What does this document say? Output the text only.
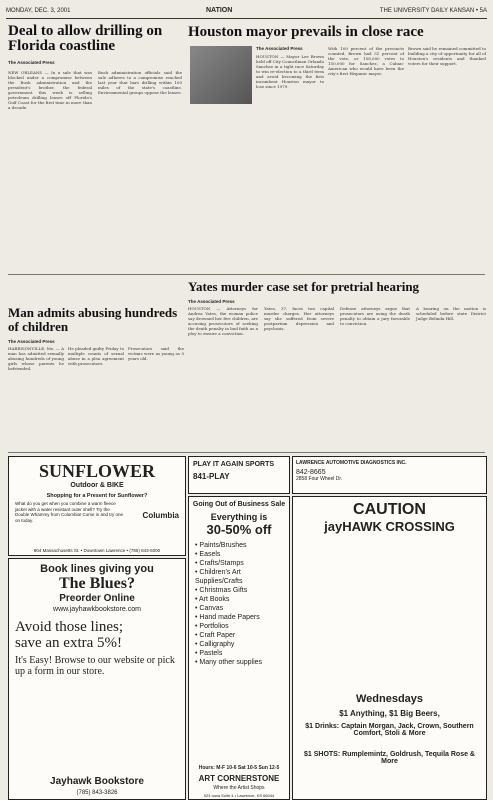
MONDAY, DEC. 3, 2001	NATION	THE UNIVERSITY DAILY KANSAN • 5A
Deal to allow drilling on Florida coastline
The Associated Press
NEW ORLEANS — In a sale that was blocked under a compromise between the Bush administration and the president's brother, the federal government this week is selling petroleum drilling leases off Florida's Gulf Coast for the first time in more than a decade.
Bush administration officials said the sale adheres to a compromise reached last year that bars drilling within 100 miles of the state's coastline. Environmental groups oppose the leases.
Houston mayor prevails in close race
The Associated Press
HOUSTON — Mayor Lee Brown held off City Councilman Orlando Sanchez in a tight race Saturday to win re-election to a third term and avoid becoming the first incumbent Houston mayor to lose since 1979.
With 100 percent of the precincts counted, Brown had 51 percent of the vote, or 158,000 votes to 150,000 for Sanchez, a Cuban-American who would have been the city's first Hispanic mayor.
Brown said he remained committed to building a city of opportunity for all of Houston's residents and thanked voters for their support.
Yates murder case set for pretrial hearing
The Associated Press
HOUSTON — Attorneys for Andrea Yates, the woman police say drowned her five children, are accusing prosecutors of seeking the death penalty in bad faith as a ploy to ensure a conviction.
Yates, 37, faces two capital murder charges. Her attorneys say she suffered from severe postpartum depression and psychosis.
Defense attorneys argue that prosecutors are using the death penalty to obtain a jury favorable to conviction.
A hearing on the motion is scheduled before state District Judge Belinda Hill.
Man admits abusing hundreds of children
The Associated Press
HARRISONVILLE, Mo. — A man has admitted sexually abusing hundreds of young girls whose parents he befriended.
He pleaded guilty Friday to multiple counts of sexual abuse in a plea agreement with prosecutors.
Prosecutors said the victims were as young as 5 years old.
SUNFLOWER
Outdoor & BIKE
Shopping for a Present for Sunflower?
What do you get when you combine a warm fleece jacket with a water resistant outer shell? Try the Double Whammy from Columbia! Come in and try one on today.	Columbia
804 Massachusetts St. • Downtown Lawrence • (785) 843-5000
Book lines giving you
The Blues?
Preorder Online
www.jayhawkbookstore.com
Avoid those lines; save an extra 5%!
It's Easy! Browse to our website or pick up a form in our store.
Jayhawk Bookstore
(785) 843-3826
PLAY IT AGAIN SPORTS
841-PLAY
Going Out of Business Sale
Everything is
30-50% off
• Paints/Brushes
• Easels
• Crafts/Stamps
• Children's Art Supplies/Crafts
• Christmas Gifts
• Art Books
• Canvas
• Hand made Papers
• Portfolios
• Craft Paper
• Calligraphy
• Pastels
• Many other supplies
Hours: M-F 10-6 Sat 10-5 Sun 12-5
ART CORNERSTONE
Where the Artist Shops
923 Iowa Suite 4 • Lawrence, KS 66044
LAWRENCE AUTOMOTIVE DIAGNOSTICS INC.
842-8665
2858 Four Wheel Dr.
CAUTION
jayHAWK CROSSING
Wednesdays
$1 Anything, $1 Big Beers,
$1 Drinks: Captain Morgan, Jack, Crown, Southern Comfort, Stoli & More
$1 SHOTS: Rumplemintz, Goldrush, Tequila Rose & More
